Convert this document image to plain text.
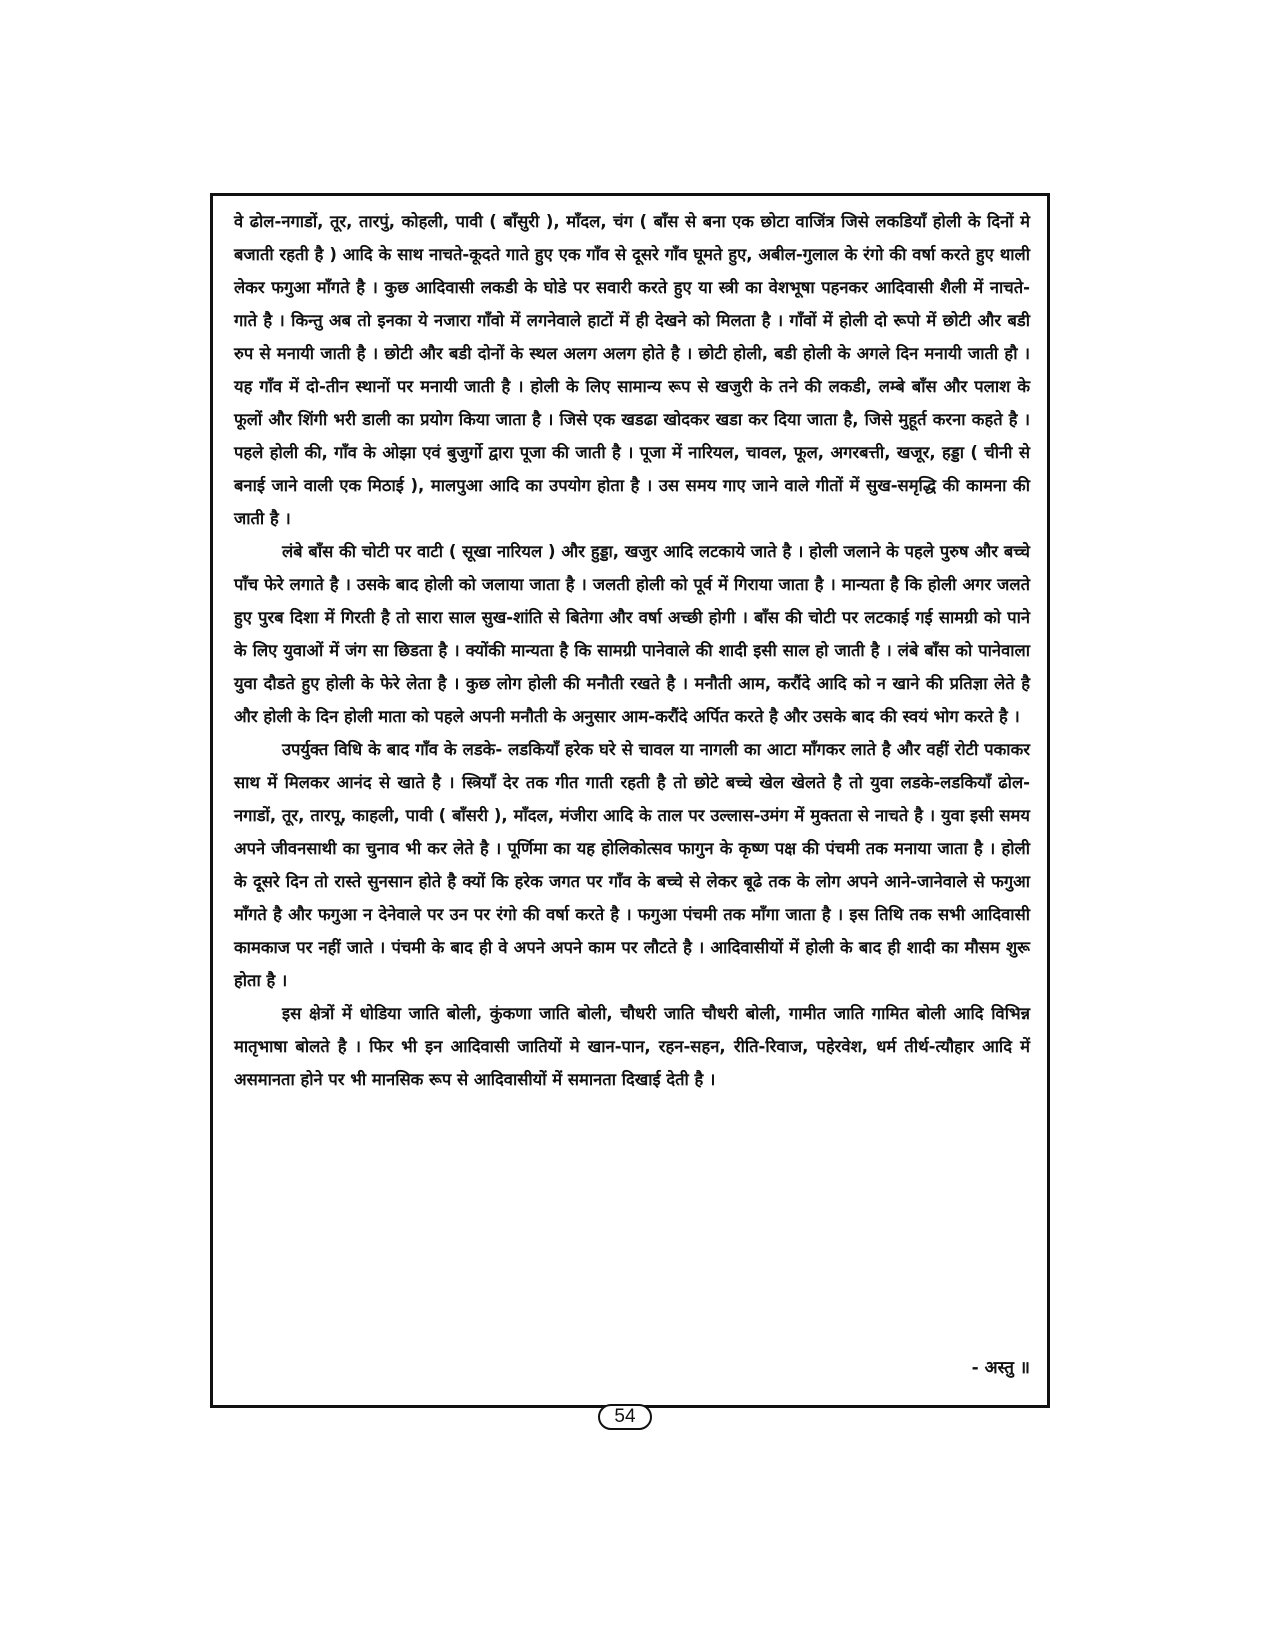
वे ढोल-नगाडों, तूर, तारपुं, कोहली, पावी ( बाँसुरी ), माँदल, चंग ( बाँस से बना एक छोटा वाजिंत्र जिसे लकडियाँ होली के दिनों मे बजाती रहती है ) आदि के साथ नाचते-कूदते गाते हुए एक गाँव से दूसरे गाँव घूमते हुए, अबील-गुलाल के रंगो की वर्षा करते हुए थाली लेकर फगुआ माँगते है । कुछ आदिवासी लकडी के घोडे पर सवारी करते हुए या स्त्री का वेशभूषा पहनकर आदिवासी शैली में नाचते-गाते है । किन्तु अब तो इनका ये नजारा गाँवो में लगनेवाले हाटों में ही देखने को मिलता है । गाँवों में होली दो रूपो में छोटी और बडी रुप से मनायी जाती है । छोटी और बडी दोनों के स्थल अलग अलग होते है । छोटी होली, बडी होली के अगले दिन मनायी जाती हौ । यह गाँव में दो-तीन स्थानों पर मनायी जाती है । होली के लिए सामान्य रूप से खजुरी के तने की लकडी, लम्बे बाँस और पलाश के फूलों और शिंगी भरी डाली का प्रयोग किया जाता है । जिसे एक खडढा खोदकर खडा कर दिया जाता है, जिसे मुहूर्त करना कहते है । पहले होली की, गाँव के ओझा एवं बुजुर्गो द्वारा पूजा की जाती है । पूजा में नारियल, चावल, फूल, अगरबत्ती, खजूर, हड्डा ( चीनी से बनाई जाने वाली एक मिठाई ), मालपुआ आदि का उपयोग होता है । उस समय गाए जाने वाले गीतों में सुख-समृद्धि की कामना की जाती है ।

लंबे बाँस की चोटी पर वाटी ( सूखा नारियल ) और हुड्डा, खजुर आदि लटकाये जाते है । होली जलाने के पहले पुरुष और बच्चे पाँच फेरे लगाते है । उसके बाद होली को जलाया जाता है । जलती होली को पूर्व में गिराया जाता है । मान्यता है कि होली अगर जलते हुए पुरब दिशा में गिरती है तो सारा साल सुख-शांति से बितेगा और वर्षा अच्छी होगी । बाँस की चोटी पर लटकाई गई सामग्री को पाने के लिए युवाओं में जंग सा छिडता है । क्योंकी मान्यता है कि सामग्री पानेवाले की शादी इसी साल हो जाती है । लंबे बाँस को पानेवाला युवा दौडते हुए होली के फेरे लेता है । कुछ लोग होली की मनौती रखते है । मनौती आम, करौंदे आदि को न खाने की प्रतिज्ञा लेते है और होली के दिन होली माता को पहले अपनी मनौती के अनुसार आम-करौंदे अर्पित करते है और उसके बाद की स्वयं भोग करते है ।

उपर्युक्त विधि के बाद गाँव के लडके- लडकियाँ हरेक घरे से चावल या नागली का आटा माँगकर लाते है और वहीं रोटी पकाकर साथ में मिलकर आनंद से खाते है । स्त्रियाँ देर तक गीत गाती रहती है तो छोटे बच्चे खेल खेलते है तो युवा लडके-लडकियाँ ढोल-नगाडों, तूर, तारपू, काहली, पावी ( बाँसरी ), माँदल, मंजीरा आदि के ताल पर उल्लास-उमंग में मुक्तता से नाचते है । युवा इसी समय अपने जीवनसाथी का चुनाव भी कर लेते है । पूर्णिमा का यह होलिकोत्सव फागुन के कृष्ण पक्ष की पंचमी तक मनाया जाता है । होली के दूसरे दिन तो रास्ते सुनसान होते है क्यों कि हरेक जगत पर गाँव के बच्चे से लेकर बूढे तक के लोग अपने आने-जानेवाले से फगुआ माँगते है और फगुआ न देनेवाले पर उन पर रंगो की वर्षा करते है । फगुआ पंचमी तक माँगा जाता है । इस तिथि तक सभी आदिवासी कामकाज पर नहीं जाते । पंचमी के बाद ही वे अपने अपने काम पर लौटते है । आदिवासीयों में होली के बाद ही शादी का मौसम शुरू होता है ।

इस क्षेत्रों में धोडिया जाति बोली, कुंकणा जाति बोली, चौधरी जाति चौधरी बोली, गामीत जाति गामित बोली आदि विभिन्न मातृभाषा बोलते है । फिर भी इन आदिवासी जातियों मे खान-पान, रहन-सहन, रीति-रिवाज, पहेरवेश, धर्म तीर्थ-त्यौहार आदि में असमानता होने पर भी मानसिक रूप से आदिवासीयों में समानता दिखाई देती है ।

- अस्तु ॥
54
